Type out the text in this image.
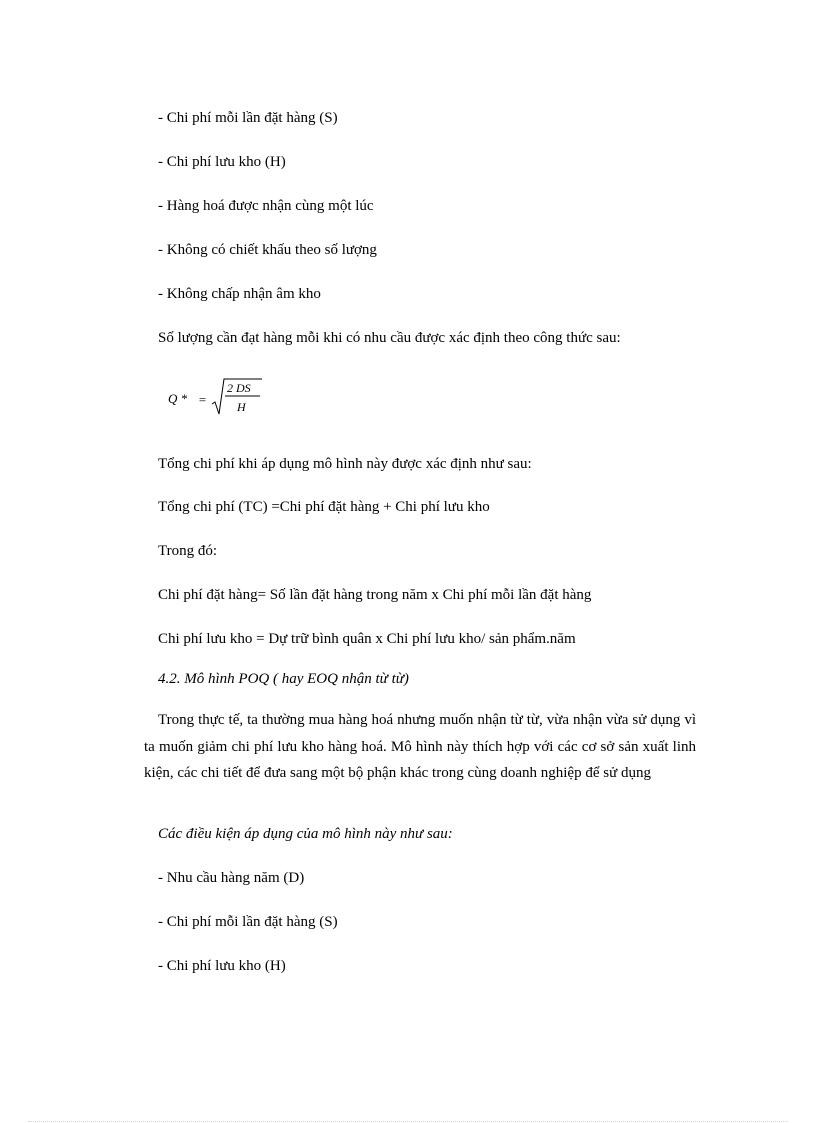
- Chi phí mỗi lần đặt hàng (S)
- Chi phí lưu kho (H)
- Hàng hoá được nhận cùng một lúc
- Không có chiết khấu theo số lượng
- Không chấp nhận âm kho
Số lượng cần đạt hàng mỗi khi có nhu cầu được xác định theo công thức sau:
Q * =
2 DS
H
Tổng chi phí khi áp dụng mô hình này được xác định như sau:
Tổng chi phí (TC) =Chi phí đặt hàng + Chi phí lưu kho
Trong đó:
Chi phí đặt hàng= Số lần đặt hàng trong năm x Chi phí mỗi lần đặt hàng
Chi phí lưu kho = Dự trữ bình quân x Chi phí lưu kho/ sản phẩm.năm
4.2. Mô hình POQ ( hay EOQ nhận từ từ)
Trong thực tế, ta thường mua hàng hoá nhưng muốn nhận từ từ, vừa nhận vừa sử dụng vì ta muốn giảm chi phí lưu kho hàng hoá. Mô hình này thích hợp với các cơ sở sản xuất linh kiện, các chi tiết để đưa sang một bộ phận khác trong cùng doanh nghiệp để sử dụng
Các điều kiện áp dụng của mô hình này như sau:
- Nhu cầu hàng năm (D)
- Chi phí mỗi lần đặt hàng (S)
- Chi phí lưu kho (H)
